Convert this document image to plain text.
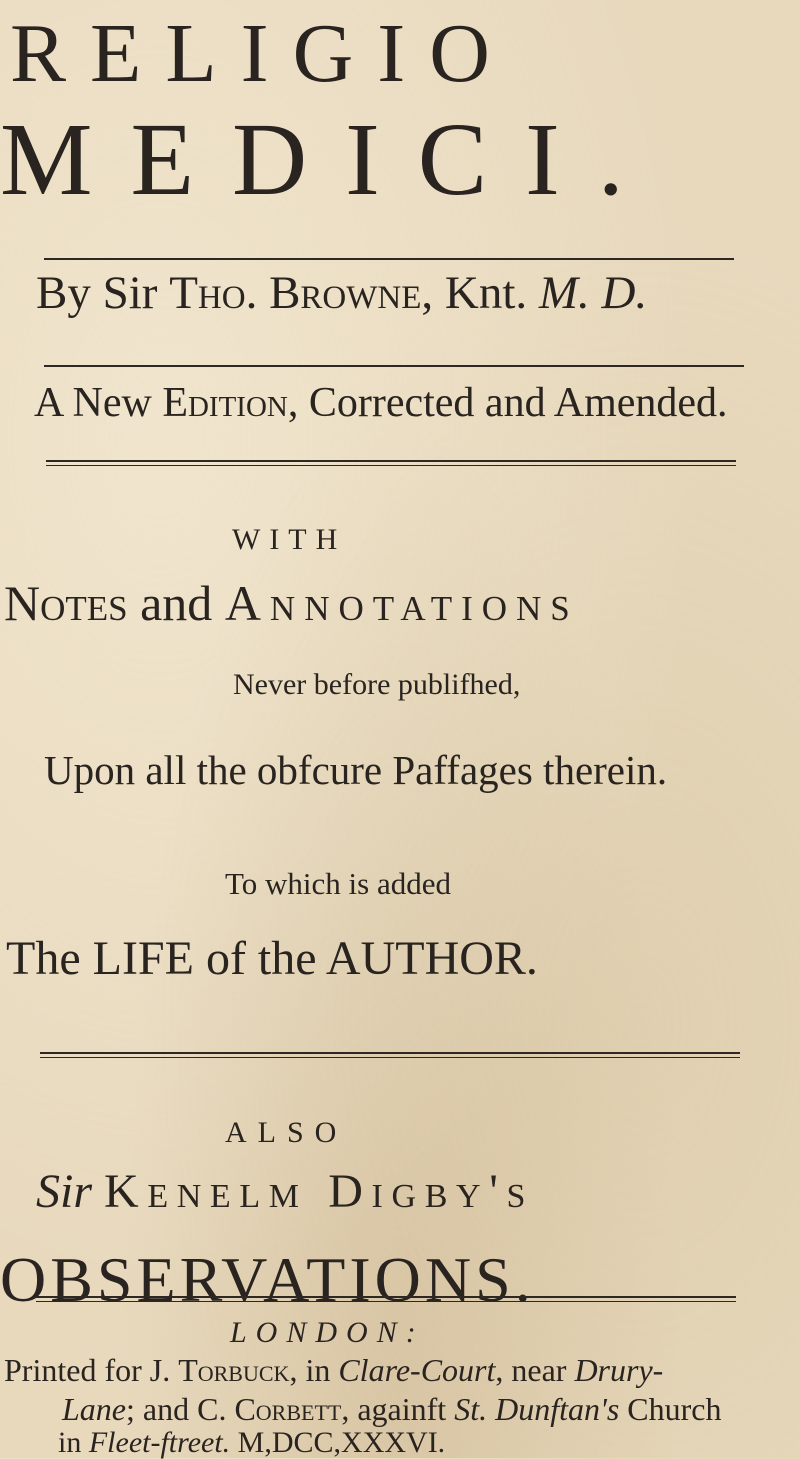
RELIGIO
MEDICI.
By Sir Tho. Browne, Knt. M. D.
A New Edition, Corrected and Amended.
WITH
Notes and Annotations
Never before publifhed,
Upon all the obfcure Paffages therein.
To which is added
The LIFE of the AUTHOR.
ALSO
Sir Kenelm Digby's
OBSERVATIONS.
LONDON:
Printed for J. Torbuck, in Clare-Court, near Drury-
Lane; and C. Corbett, againft St. Dunftan's Church
in Fleet-ftreet. M,DCC,XXXVI.
